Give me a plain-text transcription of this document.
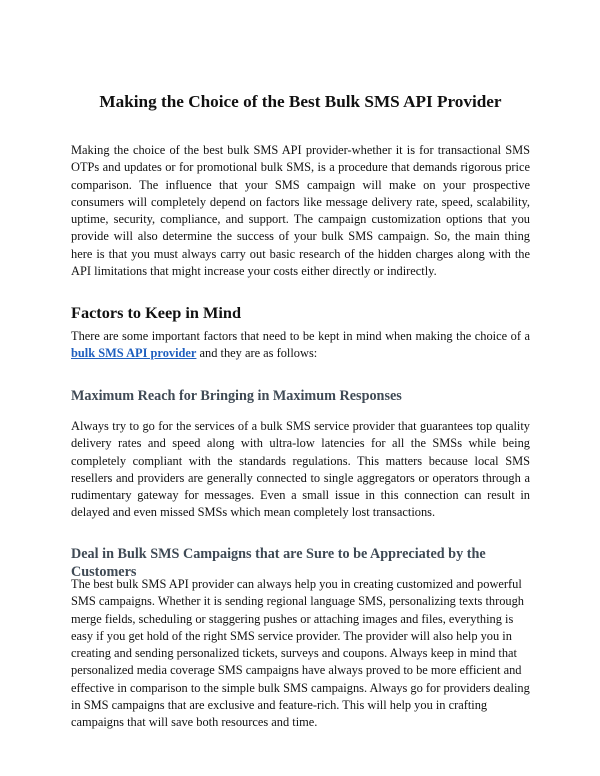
Making the Choice of the Best Bulk SMS API Provider

Making the choice of the best bulk SMS API provider-whether it is for transactional SMS OTPs and updates or for promotional bulk SMS, is a procedure that demands rigorous price comparison. The influence that your SMS campaign will make on your prospective consumers will completely depend on factors like message delivery rate, speed, scalability, uptime, security, compliance, and support. The campaign customization options that you provide will also determine the success of your bulk SMS campaign. So, the main thing here is that you must always carry out basic research of the hidden charges along with the API limitations that might increase your costs either directly or indirectly.

Factors to Keep in Mind

There are some important factors that need to be kept in mind when making the choice of a bulk SMS API provider and they are as follows:

Maximum Reach for Bringing in Maximum Responses

Always try to go for the services of a bulk SMS service provider that guarantees top quality delivery rates and speed along with ultra-low latencies for all the SMSs while being completely compliant with the standards regulations. This matters because local SMS resellers and providers are generally connected to single aggregators or operators through a rudimentary gateway for messages. Even a small issue in this connection can result in delayed and even missed SMSs which mean completely lost transactions.

Deal in Bulk SMS Campaigns that are Sure to be Appreciated by the Customers

The best bulk SMS API provider can always help you in creating customized and powerful SMS campaigns. Whether it is sending regional language SMS, personalizing texts through merge fields, scheduling or staggering pushes or attaching images and files, everything is easy if you get hold of the right SMS service provider. The provider will also help you in creating and sending personalized tickets, surveys and coupons. Always keep in mind that personalized media coverage SMS campaigns have always proved to be more efficient and effective in comparison to the simple bulk SMS campaigns. Always go for providers dealing in SMS campaigns that are exclusive and feature-rich. This will help you in crafting campaigns that will save both resources and time.
